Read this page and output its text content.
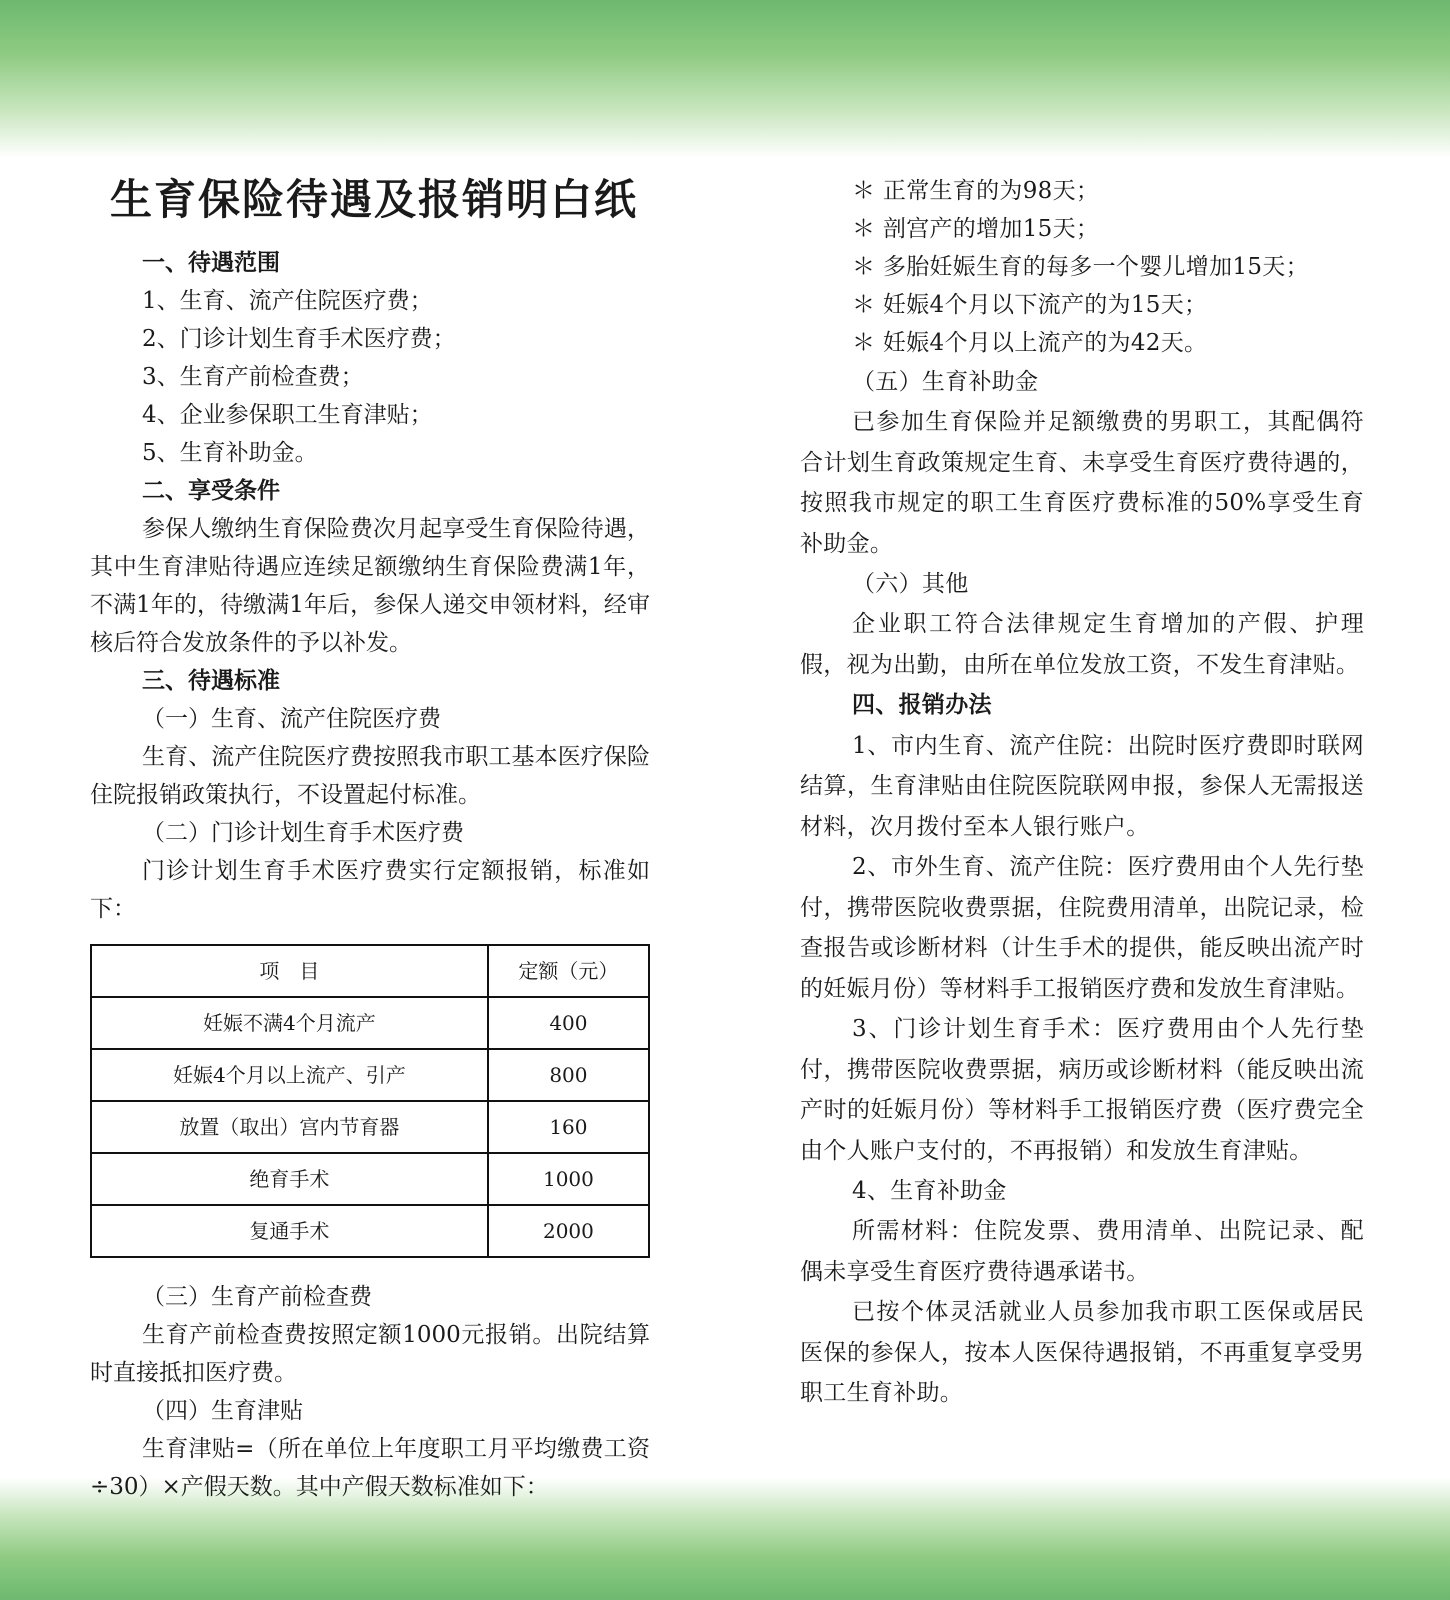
生育保险待遇及报销明白纸
一、待遇范围
1、生育、流产住院医疗费；
2、门诊计划生育手术医疗费；
3、生育产前检查费；
4、企业参保职工生育津贴；
5、生育补助金。
二、享受条件
参保人缴纳生育保险费次月起享受生育保险待遇，其中生育津贴待遇应连续足额缴纳生育保险费满1年，不满1年的，待缴满1年后，参保人递交申领材料，经审核后符合发放条件的予以补发。
三、待遇标准
（一）生育、流产住院医疗费
生育、流产住院医疗费按照我市职工基本医疗保险住院报销政策执行，不设置起付标准。
（二）门诊计划生育手术医疗费
门诊计划生育手术医疗费实行定额报销，标准如下：
项　目	定额（元）
妊娠不满4个月流产	400
妊娠4个月以上流产、引产	800
放置（取出）宫内节育器	160
绝育手术	1000
复通手术	2000
（三）生育产前检查费
生育产前检查费按照定额1000元报销。出院结算时直接抵扣医疗费。
（四）生育津贴
生育津贴=（所在单位上年度职工月平均缴费工资÷30）×产假天数。其中产假天数标准如下：
＊ 正常生育的为98天；
＊ 剖宫产的增加15天；
＊ 多胎妊娠生育的每多一个婴儿增加15天；
＊ 妊娠4个月以下流产的为15天；
＊ 妊娠4个月以上流产的为42天。
（五）生育补助金
已参加生育保险并足额缴费的男职工，其配偶符合计划生育政策规定生育、未享受生育医疗费待遇的，按照我市规定的职工生育医疗费标准的50%享受生育补助金。
（六）其他
企业职工符合法律规定生育增加的产假、护理假，视为出勤，由所在单位发放工资，不发生育津贴。
四、报销办法
1、市内生育、流产住院：出院时医疗费即时联网结算，生育津贴由住院医院联网申报，参保人无需报送材料，次月拨付至本人银行账户。
2、市外生育、流产住院：医疗费用由个人先行垫付，携带医院收费票据，住院费用清单，出院记录，检查报告或诊断材料（计生手术的提供，能反映出流产时的妊娠月份）等材料手工报销医疗费和发放生育津贴。
3、门诊计划生育手术：医疗费用由个人先行垫付，携带医院收费票据，病历或诊断材料（能反映出流产时的妊娠月份）等材料手工报销医疗费（医疗费完全由个人账户支付的，不再报销）和发放生育津贴。
4、生育补助金
所需材料：住院发票、费用清单、出院记录、配偶未享受生育医疗费待遇承诺书。
已按个体灵活就业人员参加我市职工医保或居民医保的参保人，按本人医保待遇报销，不再重复享受男职工生育补助。
